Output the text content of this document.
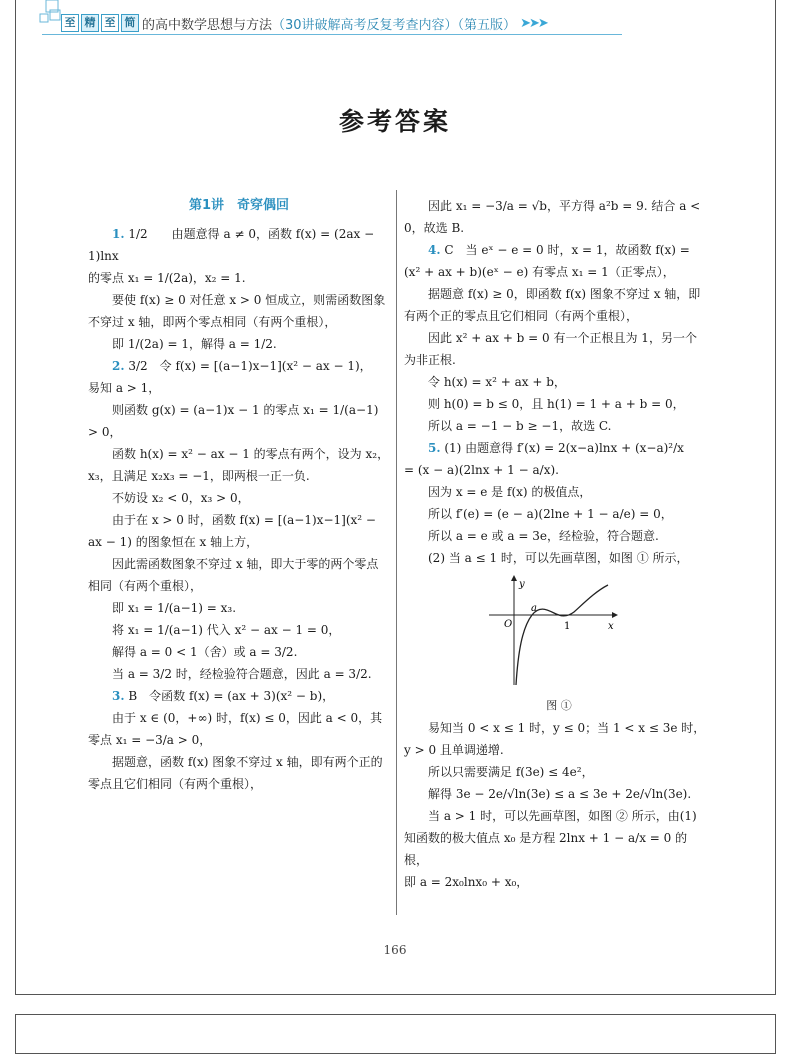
至 精 至 简 的高中数学思想与方法 （30讲破解高考反复考查内容）（第五版） ➤➤➤
参考答案

第1讲　奇穿偶回

1. 1/2　　由题意得 a ≠ 0，函数 f(x) = (2ax − 1)lnx

的零点 x₁ = 1/(2a)，x₂ = 1.

要使 f(x) ≥ 0 对任意 x > 0 恒成立，则需函数图象不穿过 x 轴，即两个零点相同（有两个重根），

即 1/(2a) = 1，解得 a = 1/2.

2. 3/2　令 f(x) = [(a−1)x−1](x² − ax − 1)，

易知 a > 1，

则函数 g(x) = (a−1)x − 1 的零点 x₁ = 1/(a−1)

> 0，

函数 h(x) = x² − ax − 1 的零点有两个，设为 x₂，x₃，且满足 x₂x₃ = −1，即两根一正一负.

不妨设 x₂ < 0，x₃ > 0，

由于在 x > 0 时，函数 f(x) = [(a−1)x−1](x² − ax − 1) 的图象恒在 x 轴上方，

因此需函数图象不穿过 x 轴，即大于零的两个零点相同（有两个重根），

即 x₁ = 1/(a−1) = x₃.

将 x₁ = 1/(a−1) 代入 x² − ax − 1 = 0，

解得 a = 0 < 1（舍）或 a = 3/2.

当 a = 3/2 时，经检验符合题意，因此 a = 3/2.

3. B　令函数 f(x) = (ax + 3)(x² − b)，

由于 x ∈ (0，+∞) 时，f(x) ≤ 0，因此 a < 0，其零点 x₁ = −3/a > 0，

据题意，函数 f(x) 图象不穿过 x 轴，即有两个正的零点且它们相同（有两个重根），

因此 x₁ = −3/a = √b，平方得 a²b = 9. 结合 a < 0，故选 B.

4. C　当 eˣ − e = 0 时，x = 1，故函数 f(x) = (x² + ax + b)(eˣ − e) 有零点 x₁ = 1（正零点），

据题意 f(x) ≥ 0，即函数 f(x) 图象不穿过 x 轴，即有两个正的零点且它们相同（有两个重根），

因此 x² + ax + b = 0 有一个正根且为 1，另一个为非正根.

令 h(x) = x² + ax + b，

则 h(0) = b ≤ 0，且 h(1) = 1 + a + b = 0，

所以 a = −1 − b ≥ −1，故选 C.

5. (1) 由题意得 f′(x) = 2(x−a)lnx + (x−a)²/x

= (x − a)(2lnx + 1 − a/x).

因为 x = e 是 f(x) 的极值点，

所以 f′(e) = (e − a)(2lne + 1 − a/e) = 0，

所以 a = e 或 a = 3e，经检验，符合题意.

(2) 当 a ≤ 1 时，可以先画草图，如图 ① 所示，

y
x
O
a
1
图 ①

易知当 0 < x ≤ 1 时，y ≤ 0；当 1 < x ≤ 3e 时，y > 0 且单调递增.

所以只需要满足 f(3e) ≤ 4e²，

解得 3e − 2e/√ln(3e) ≤ a ≤ 3e + 2e/√ln(3e).

当 a > 1 时，可以先画草图，如图 ② 所示，由(1) 知函数的极大值点 x₀ 是方程 2lnx + 1 − a/x = 0 的根，

即 a = 2x₀lnx₀ + x₀，

166
